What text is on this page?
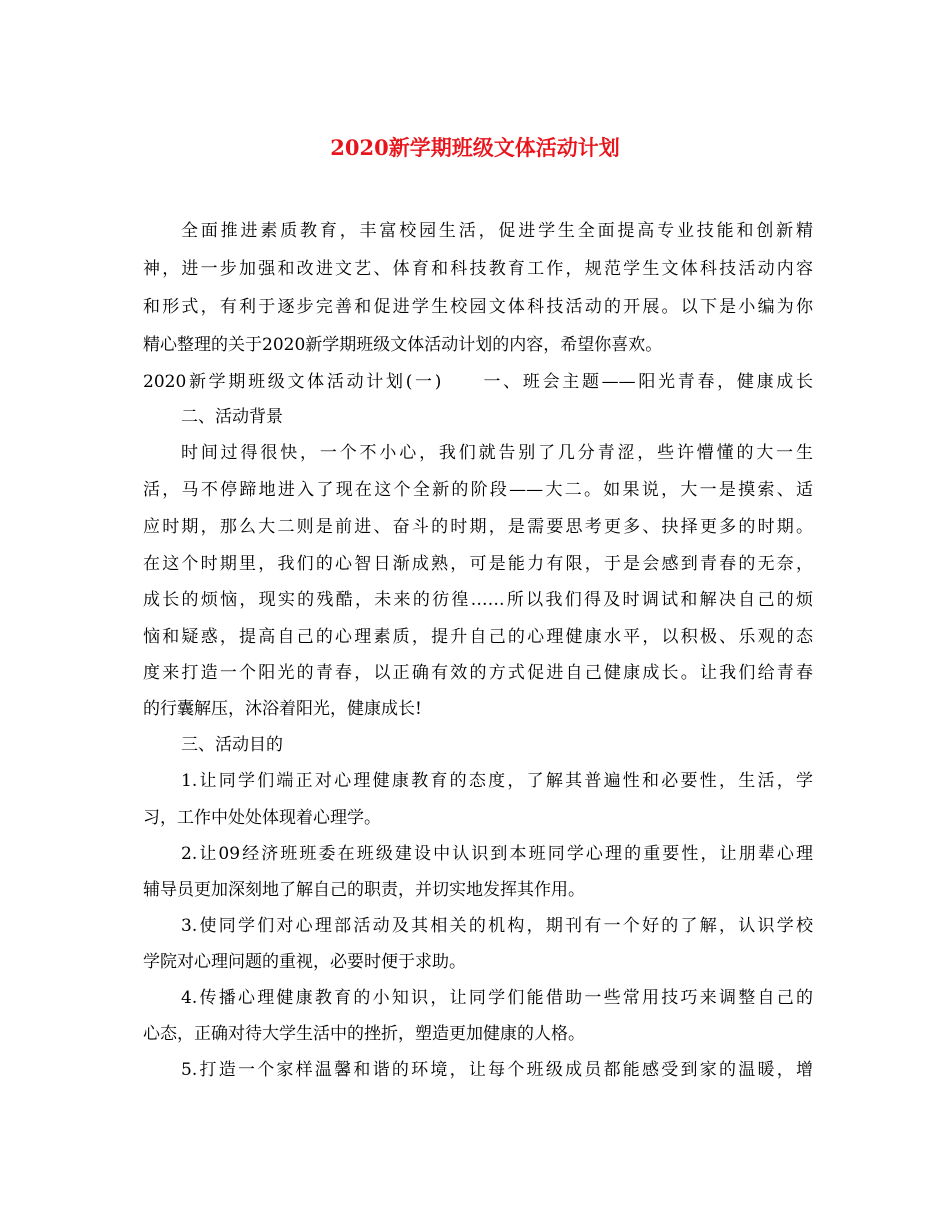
2020新学期班级文体活动计划
全面推进素质教育，丰富校园生活，促进学生全面提高专业技能和创新精
神，进一步加强和改进文艺、体育和科技教育工作，规范学生文体科技活动内容
和形式，有利于逐步完善和促进学生校园文体科技活动的开展。以下是小编为你
精心整理的关于2020新学期班级文体活动计划的内容，希望你喜欢。
2020新学期班级文体活动计划(一)　　一、班会主题——阳光青春，健康成长
二、活动背景
时间过得很快，一个不小心，我们就告别了几分青涩，些许懵懂的大一生
活，马不停蹄地进入了现在这个全新的阶段——大二。如果说，大一是摸索、适
应时期，那么大二则是前进、奋斗的时期，是需要思考更多、抉择更多的时期。
在这个时期里，我们的心智日渐成熟，可是能力有限，于是会感到青春的无奈，
成长的烦恼，现实的残酷，未来的彷徨……所以我们得及时调试和解决自己的烦
恼和疑惑，提高自己的心理素质，提升自己的心理健康水平，以积极、乐观的态
度来打造一个阳光的青春，以正确有效的方式促进自己健康成长。让我们给青春
的行囊解压，沐浴着阳光，健康成长!
三、活动目的
1.让同学们端正对心理健康教育的态度，了解其普遍性和必要性，生活，学
习，工作中处处体现着心理学。
2.让09经济班班委在班级建设中认识到本班同学心理的重要性，让朋辈心理
辅导员更加深刻地了解自己的职责，并切实地发挥其作用。
3.使同学们对心理部活动及其相关的机构，期刊有一个好的了解，认识学校
学院对心理问题的重视，必要时便于求助。
4.传播心理健康教育的小知识，让同学们能借助一些常用技巧来调整自己的
心态，正确对待大学生活中的挫折，塑造更加健康的人格。
5.打造一个家样温馨和谐的环境，让每个班级成员都能感受到家的温暖，增
